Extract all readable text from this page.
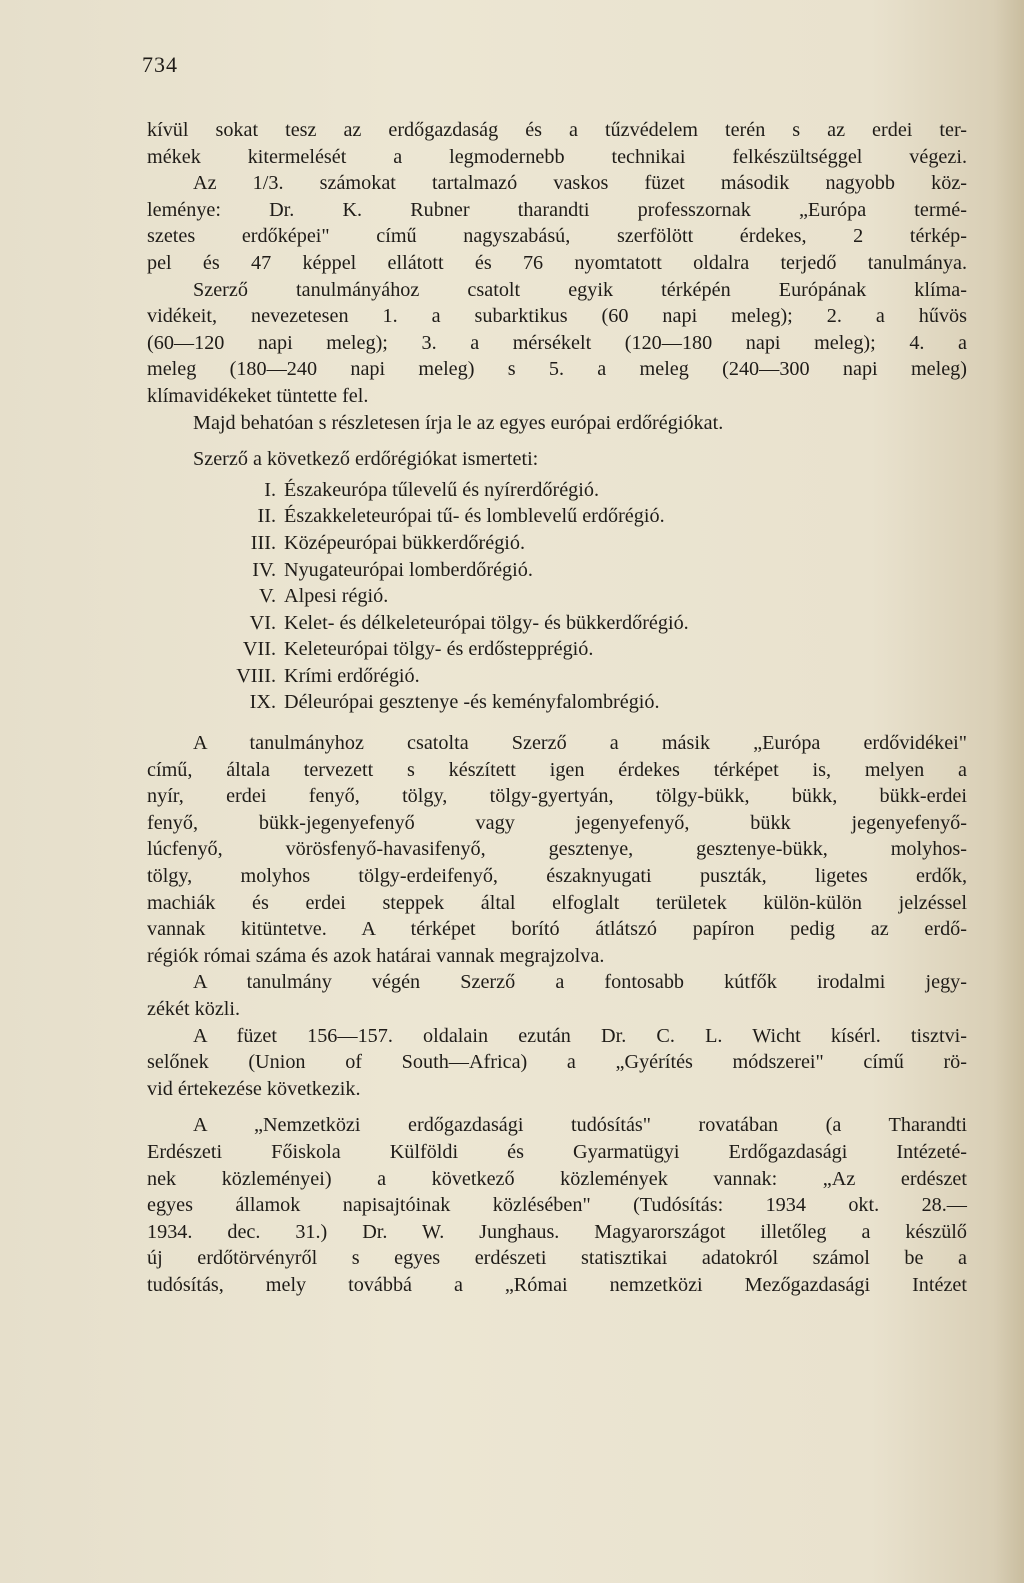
734
kívül sokat tesz az erdőgazdaság és a tűzvédelem terén s az erdei ter-
mékek kitermelését a legmodernebb technikai felkészültséggel végezi.
Az 1/3. számokat tartalmazó vaskos füzet második nagyobb köz-
leménye: Dr. K. Rubner tharandti professzornak „Európa termé-
szetes erdőképei" című nagyszabású, szerfölött érdekes, 2 térkép-
pel és 47 képpel ellátott és 76 nyomtatott oldalra terjedő tanulmánya.
Szerző tanulmányához csatolt egyik térképén Európának klíma-
vidékeit, nevezetesen 1. a subarktikus (60 napi meleg); 2. a hűvös
(60—120 napi meleg); 3. a mérsékelt (120—180 napi meleg); 4. a
meleg (180—240 napi meleg) s 5. a meleg (240—300 napi meleg)
klímavidékeket tüntette fel.
Majd behatóan s részletesen írja le az egyes európai erdőrégiókat.
Szerző a következő erdőrégiókat ismerteti:
I. Északeurópa tűlevelű és nyírerdőrégió.
II. Északkeleteurópai tű- és lomblevelű erdőrégió.
III. Középeurópai bükkerdőrégió.
IV. Nyugateurópai lomberdőrégió.
V. Alpesi régió.
VI. Kelet- és délkeleteurópai tölgy- és bükkerdőrégió.
VII. Keleteurópai tölgy- és erdőstepprégió.
VIII. Krími erdőrégió.
IX. Déleurópai gesztenye -és keményfalombrégió.
A tanulmányhoz csatolta Szerző a másik „Európa erdővidékei"
című, általa tervezett s készített igen érdekes térképet is, melyen a
nyír, erdei fenyő, tölgy, tölgy-gyertyán, tölgy-bükk, bükk, bükk-erdei
fenyő, bükk-jegenyefenyő vagy jegenyefenyő, bükk jegenyefenyő-
lúcfenyő, vörösfenyő-havasifenyő, gesztenye, gesztenye-bükk, molyhos-
tölgy, molyhos tölgy-erdeifenyő, északnyugati puszták, ligetes erdők,
machiák és erdei steppek által elfoglalt területek külön-külön jelzéssel
vannak kitüntetve. A térképet borító átlátszó papíron pedig az erdő-
régiók római száma és azok határai vannak megrajzolva.
A tanulmány végén Szerző a fontosabb kútfők irodalmi jegy-
zékét közli.
A füzet 156—157. oldalain ezután Dr. C. L. Wicht kísérl. tisztvi-
selőnek (Union of South—Africa) a „Gyérítés módszerei" című rö-
vid értekezése következik.
A „Nemzetközi erdőgazdasági tudósítás" rovatában (a Tharandti
Erdészeti Főiskola Külföldi és Gyarmatügyi Erdőgazdasági Intézeté-
nek közleményei) a következő közlemények vannak: „Az erdészet
egyes államok napisajtóinak közlésében" (Tudósítás: 1934 okt. 28.—
1934. dec. 31.) Dr. W. Junghaus. Magyarországot illetőleg a készülő
új erdőtörvényről s egyes erdészeti statisztikai adatokról számol be a
tudósítás, mely továbbá a „Római nemzetközi Mezőgazdasági Intézet
